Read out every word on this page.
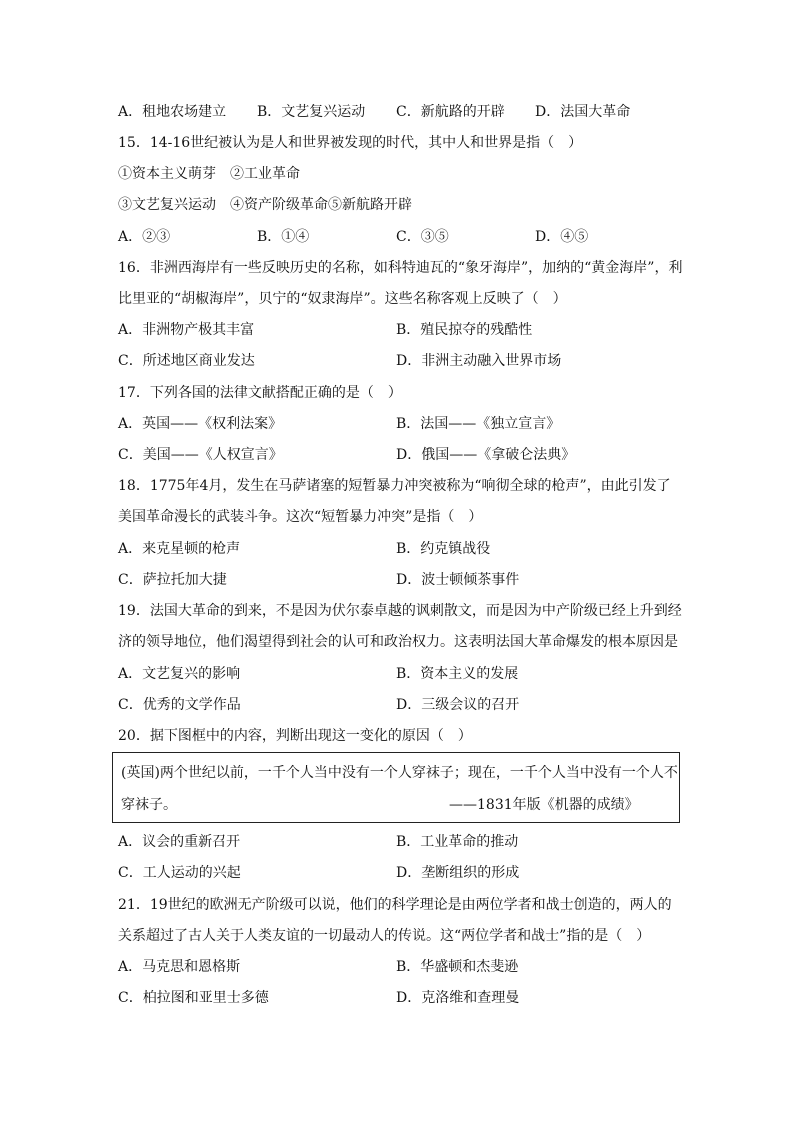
A．租地农场建立 B．文艺复兴运动 C．新航路的开辟 D．法国大革命
15．14-16世纪被认为是人和世界被发现的时代，其中人和世界是指（　）
①资本主义萌芽　②工业革命
③文艺复兴运动　④资产阶级革命⑤新航路开辟
A．②③	B．①④	C．③⑤	D．④⑤
16．非洲西海岸有一些反映历史的名称，如科特迪瓦的“象牙海岸”，加纳的“黄金海岸”，利
比里亚的“胡椒海岸”，贝宁的“奴隶海岸”。这些名称客观上反映了（　）
A．非洲物产极其丰富	B．殖民掠夺的残酷性
C．所述地区商业发达	D．非洲主动融入世界市场
17．下列各国的法律文献搭配正确的是（　）
A．英国——《权利法案》	B．法国——《独立宣言》
C．美国——《人权宣言》	D．俄国——《拿破仑法典》
18．1775年4月，发生在马萨诸塞的短暂暴力冲突被称为“响彻全球的枪声”，由此引发了
美国革命漫长的武装斗争。这次“短暂暴力冲突”是指（　）
A．来克星顿的枪声	B．约克镇战役
C．萨拉托加大捷	D．波士顿倾茶事件
19．法国大革命的到来，不是因为伏尔泰卓越的讽刺散文，而是因为中产阶级已经上升到经
济的领导地位，他们渴望得到社会的认可和政治权力。这表明法国大革命爆发的根本原因是
A．文艺复兴的影响	B．资本主义的发展
C．优秀的文学作品	D．三级会议的召开
20．据下图框中的内容，判断出现这一变化的原因（　）
(英国)两个世纪以前，一千个人当中没有一个人穿袜子；现在，一千个人当中没有一个人不
穿袜子。	——1831年版《机器的成绩》
A．议会的重新召开	B．工业革命的推动
C．工人运动的兴起	D．垄断组织的形成
21．19世纪的欧洲无产阶级可以说，他们的科学理论是由两位学者和战士创造的，两人的
关系超过了古人关于人类友谊的一切最动人的传说。这“两位学者和战士”指的是（　）
A．马克思和恩格斯	B．华盛顿和杰斐逊
C．柏拉图和亚里士多德	D．克洛维和查理曼
